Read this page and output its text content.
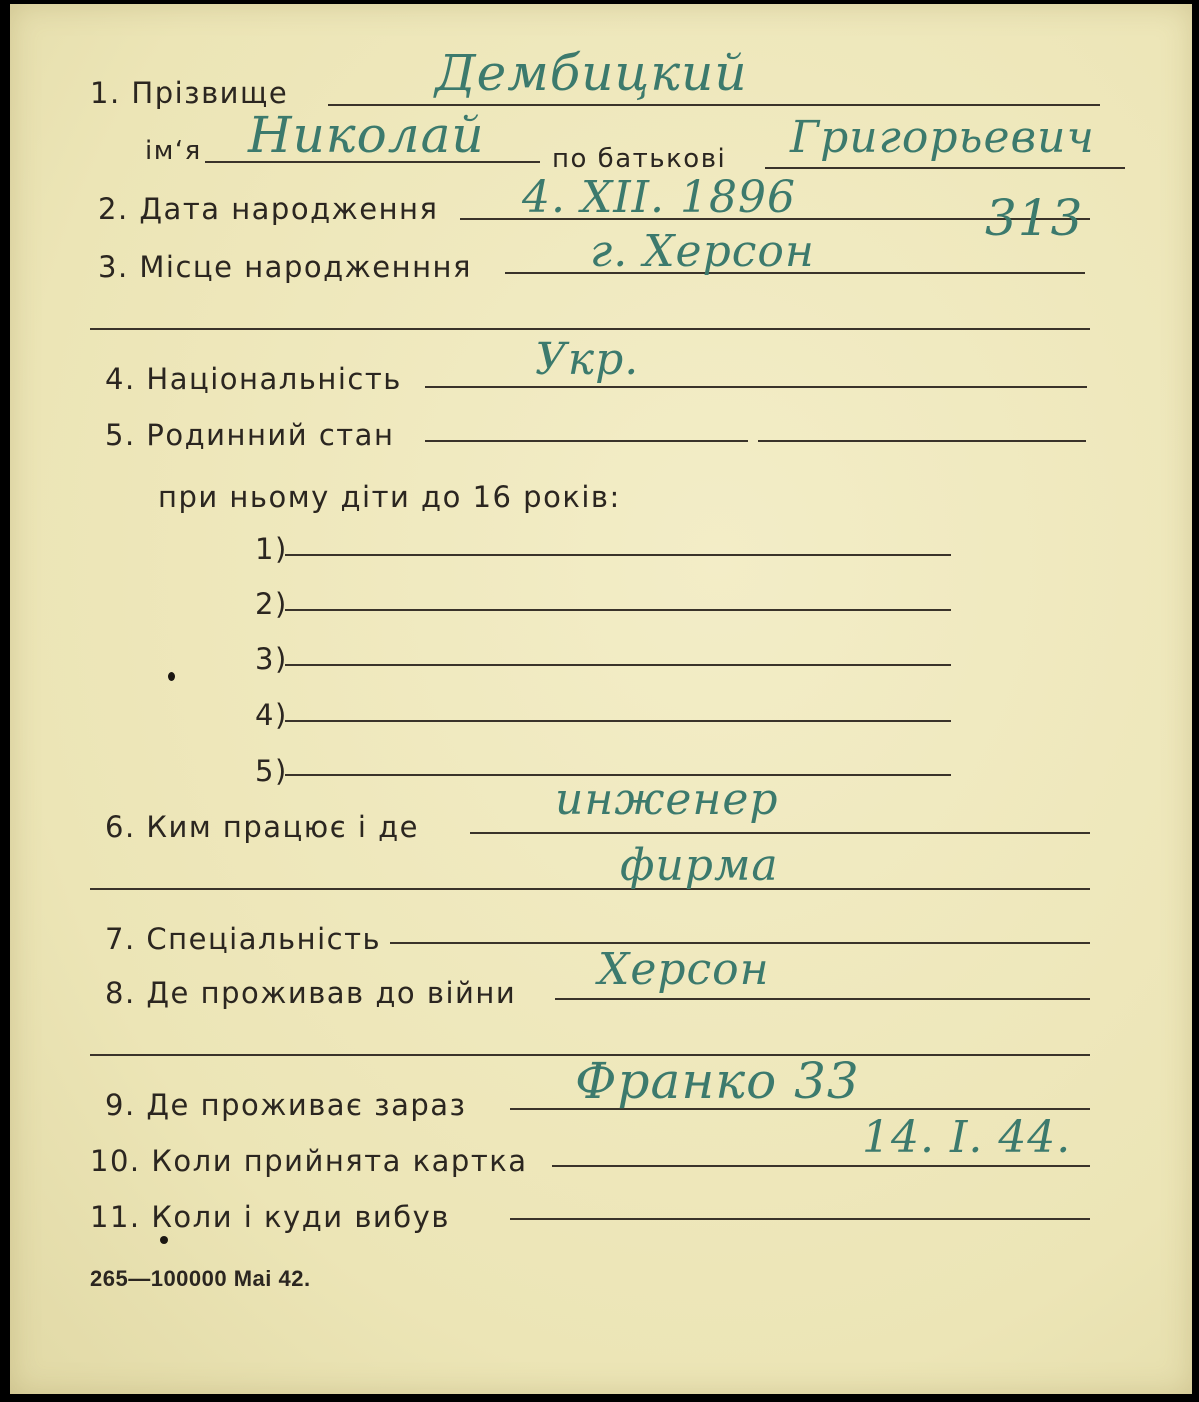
1. Прізвище	Дембицкий
ім‘я Николай	по батькові Григорьевич
2. Дата народження 4. XII. 1896	313
3. Місце народженння	г. Херсон
4. Національність	Укр.
5. Родинний стан
при ньому діти до 16 років:
1)
2)
3)
4)
5)
6. Ким працює і де
инженер
фирма
7. Спеціальність
8. Де проживав до війни Херсон
9. Де проживає зараз Франко 33
10. Коли прийнята картка	14. I. 44.
11. Коли і куди вибув
265—100000 Mai 42.
